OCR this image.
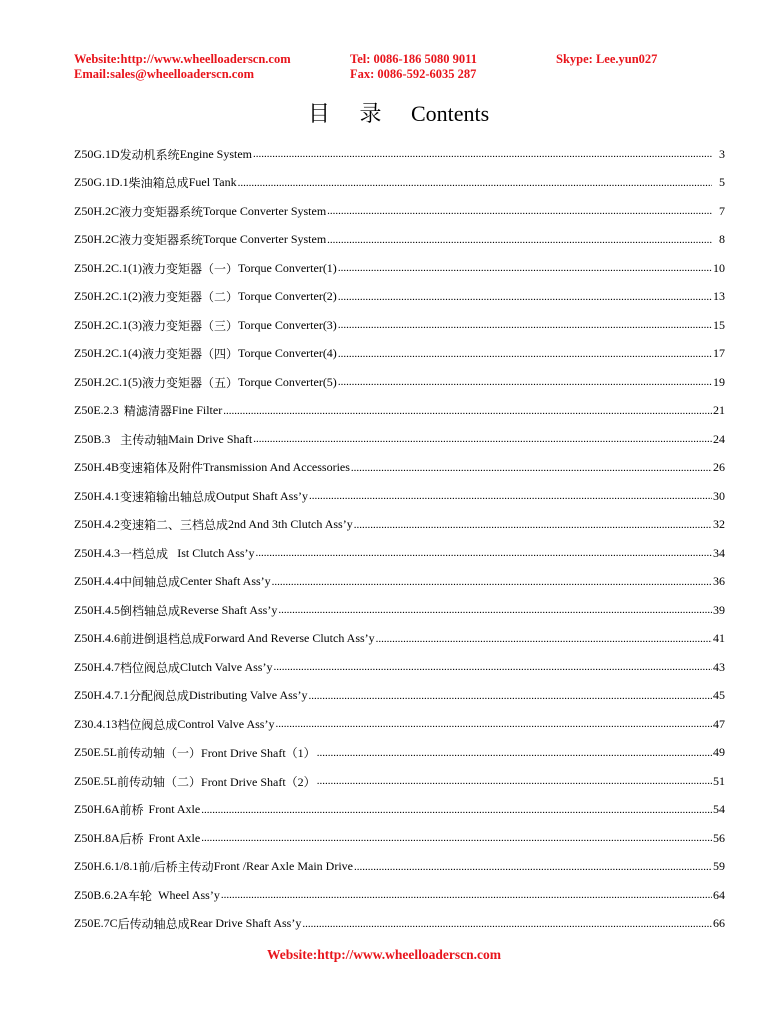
Website:http://www.wheelloaderscn.com	Tel: 0086-186 5080 9011	Skype: Lee.yun027
Email:sales@wheelloaderscn.com	Fax: 0086-592-6035 287
目 录 Contents
Z50G.1D 发动机系统 Engine System .....	3
Z50G.1D.1 柴油箱总成 Fuel Tank .....	5
Z50H.2C 液力变矩器系统 Torque Converter System .....	7
Z50H.2C 液力变矩器系统 Torque Converter System .....	8
Z50H.2C.1(1) 液力变矩器（一） Torque Converter(1) .....	10
Z50H.2C.1(2) 液力变矩器（二） Torque Converter(2) .....	13
Z50H.2C.1(3) 液力变矩器（三） Torque Converter(3) .....	15
Z50H.2C.1(4) 液力变矩器（四） Torque Converter(4) .....	17
Z50H.2C.1(5) 液力变矩器（五） Torque Converter(5) .....	19
Z50E.2.3 精滤清器 Fine Filter .....	21
Z50B.3 主传动轴 Main Drive Shaft .....	24
Z50H.4B 变速箱体及附件 Transmission And Accessories .....	26
Z50H.4.1 变速箱输出轴总成 Output Shaft Ass’y .....	30
Z50H.4.2 变速箱二、三档总成 2nd And 3th Clutch Ass’y .....	32
Z50H.4.3 一档总成 Ist Clutch Ass’y .....	34
Z50H.4.4 中间轴总成 Center Shaft Ass’y .....	36
Z50H.4.5 倒档轴总成 Reverse Shaft Ass’y .....	39
Z50H.4.6 前进倒退档总成 Forward And Reverse Clutch Ass’y .....	41
Z50H.4.7 档位阀总成 Clutch Valve Ass’y .....	43
Z50H.4.7.1 分配阀总成 Distributing Valve Ass’y .....	45
Z30.4.13 档位阀总成 Control Valve Ass’y .....	47
Z50E.5L 前传动轴（一） Front Drive Shaft（1） .....	49
Z50E.5L 前传动轴（二） Front Drive Shaft（2） .....	51
Z50H.6A 前桥 Front Axle .....	54
Z50H.8A 后桥 Front Axle .....	56
Z50H.6.1/8.1 前/后桥主传动 Front /Rear Axle Main Drive .....	59
Z50B.6.2A 车轮 Wheel Ass’y .....	64
Z50E.7C 后传动轴总成 Rear Drive Shaft Ass’y .....	66
Website:http://www.wheelloaderscn.com
